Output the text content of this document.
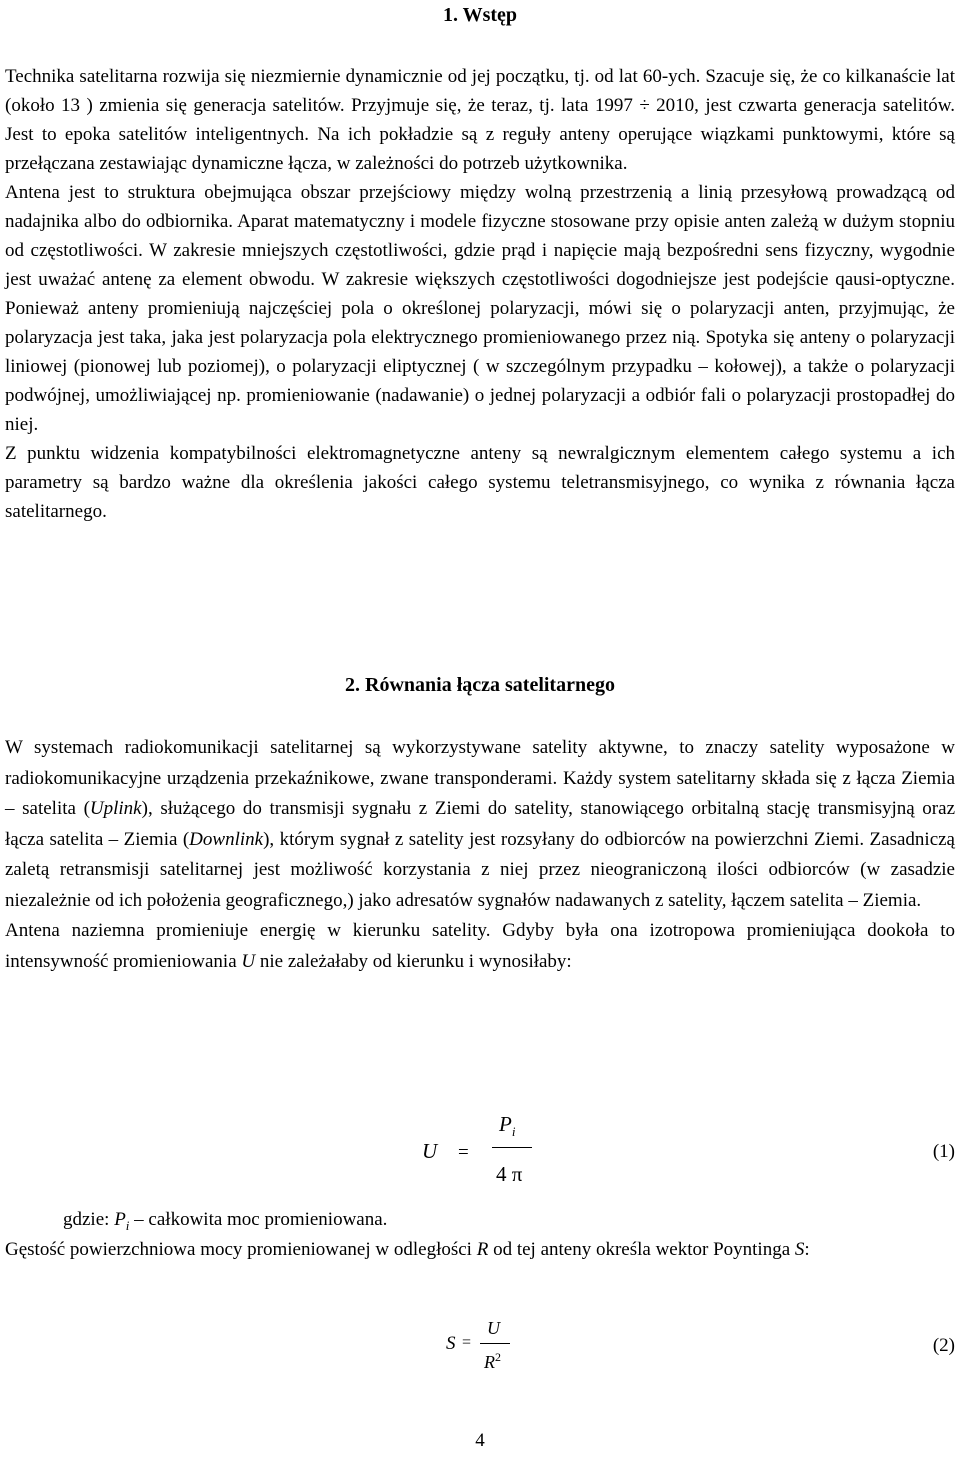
1. Wstęp
Technika satelitarna rozwija się niezmiernie dynamicznie od jej początku, tj. od lat 60-ych. Szacuje się, że co kilkanaście lat (około 13 ) zmienia się generacja satelitów. Przyjmuje się, że teraz, tj. lata 1997 ÷ 2010, jest czwarta generacja satelitów. Jest to epoka satelitów inteligentnych. Na ich pokładzie są z reguły anteny operujące wiązkami punktowymi, które są przełączana zestawiając dynamiczne łącza, w zależności do potrzeb użytkownika.
Antena jest to struktura obejmująca obszar przejściowy między wolną przestrzenią a linią przesyłową prowadzącą od nadajnika albo do odbiornika. Aparat matematyczny i modele fizyczne stosowane przy opisie anten zależą w dużym stopniu od częstotliwości. W zakresie mniejszych częstotliwości, gdzie prąd i napięcie mają bezpośredni sens fizyczny, wygodnie jest uważać antenę za element obwodu. W zakresie większych częstotliwości dogodniejsze jest podejście qausi-optyczne. Ponieważ anteny promieniują najczęściej pola o określonej polaryzacji, mówi się o polaryzacji anten, przyjmując, że polaryzacja jest taka, jaka jest polaryzacja pola elektrycznego promieniowanego przez nią. Spotyka się anteny o polaryzacji liniowej (pionowej lub poziomej), o polaryzacji eliptycznej ( w szczególnym przypadku – kołowej), a także o polaryzacji podwójnej, umożliwiającej np. promieniowanie (nadawanie) o jednej polaryzacji a odbiór fali o polaryzacji prostopadłej do niej.
Z punktu widzenia kompatybilności elektromagnetyczne anteny są newralgicznym elementem całego systemu a ich parametry są bardzo ważne dla określenia jakości całego systemu teletransmisyjnego, co wynika z równania łącza satelitarnego.
2. Równania łącza satelitarnego
W systemach radiokomunikacji satelitarnej są wykorzystywane satelity aktywne, to znaczy satelity wyposażone w radiokomunikacyjne urządzenia przekaźnikowe, zwane transponderami. Każdy system satelitarny składa się z łącza Ziemia – satelita (Uplink), służącego do transmisji sygnału z Ziemi do satelity, stanowiącego orbitalną stację transmisyjną oraz łącza satelita – Ziemia (Downlink), którym sygnał z satelity jest rozsyłany do odbiorców na powierzchni Ziemi. Zasadniczą zaletą retransmisji satelitarnej jest możliwość korzystania z niej przez nieograniczoną ilości odbiorców (w zasadzie niezależnie od ich położenia geograficznego,) jako adresatów sygnałów nadawanych z satelity, łączem satelita – Ziemia.
Antena naziemna promieniuje energię w kierunku satelity. Gdyby była ona izotropowa promieniująca dookoła to intensywność promieniowania U nie zależałaby od kierunku i wynosiłaby:
U =
$P_i$
4 π
(1)
gdzie: $P_i$ – całkowita moc promieniowana.
Gęstość powierzchniowa mocy promieniowanej w odległości R od tej anteny określa wektor Poyntinga S:
S =
U
$R^2$
(2)
4
